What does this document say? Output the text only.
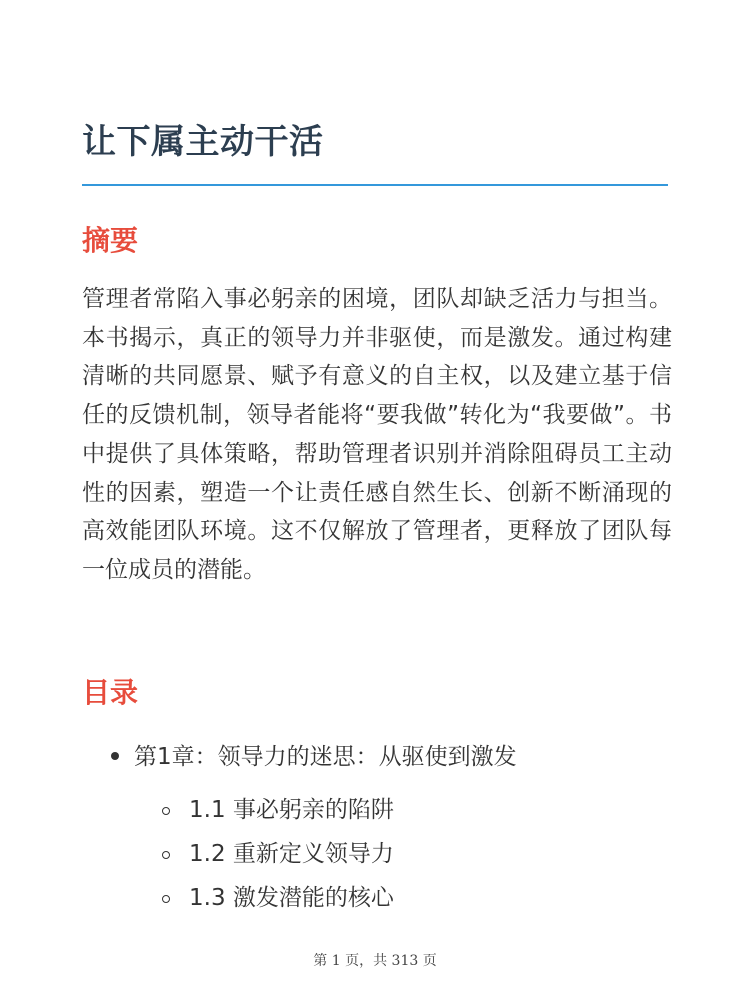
让下属主动干活
摘要

管理者常陷入事必躬亲的困境，团队却缺乏活力与担当。本书揭示，真正的领导力并非驱使，而是激发。通过构建清晰的共同愿景、赋予有意义的自主权，以及建立基于信任的反馈机制，领导者能将“要我做”转化为“我要做”。书中提供了具体策略，帮助管理者识别并消除阻碍员工主动性的因素，塑造一个让责任感自然生长、创新不断涌现的高效能团队环境。这不仅解放了管理者，更释放了团队每一位成员的潜能。

目录
第1章：领导力的迷思：从驱使到激发
1.1 事必躬亲的陷阱
1.2 重新定义领导力
1.3 激发潜能的核心
第 1 页，共 313 页
